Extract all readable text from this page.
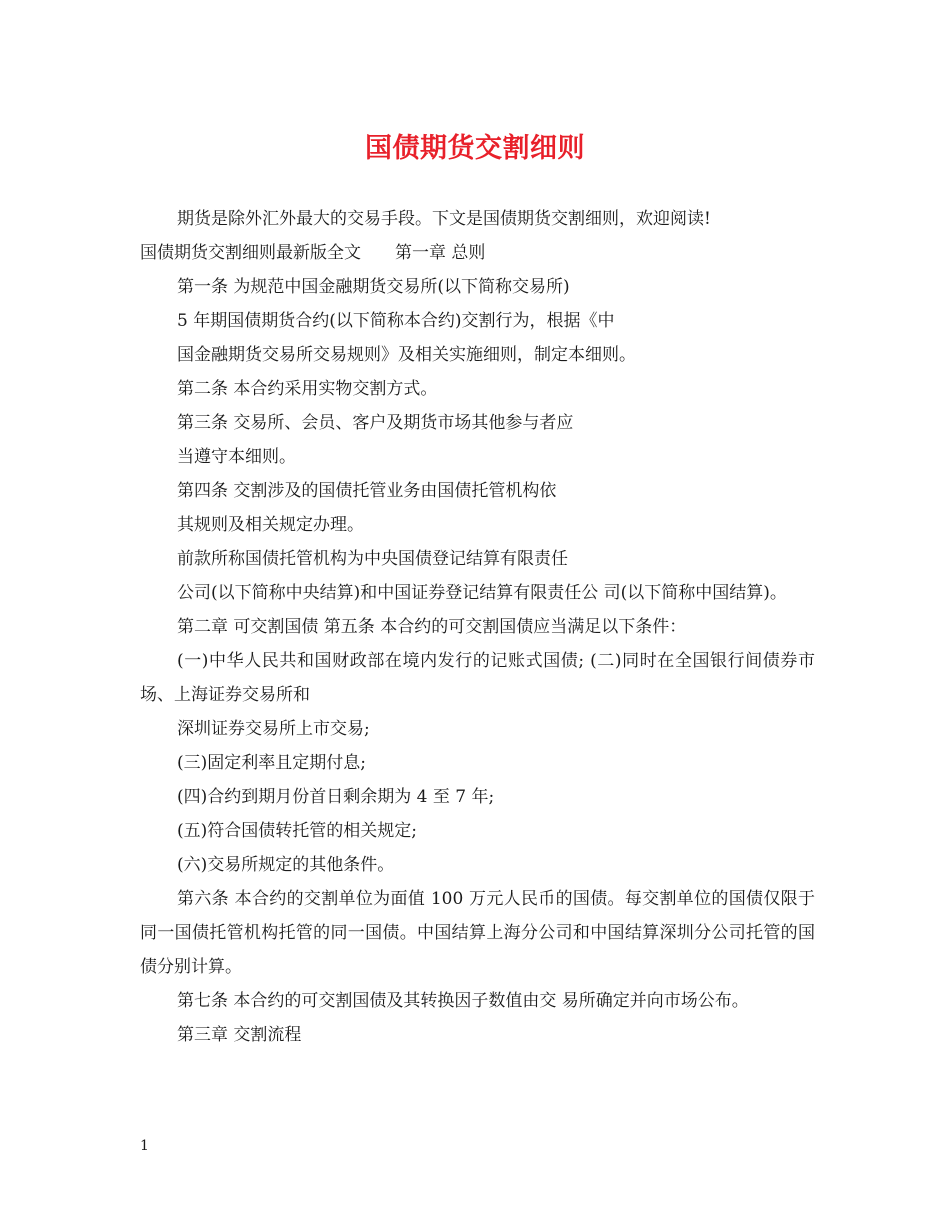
国债期货交割细则

期货是除外汇外最大的交易手段。下文是国债期货交割细则，欢迎阅读!

国债期货交割细则最新版全文　　第一章 总则

第一条 为规范中国金融期货交易所(以下简称交易所)

5 年期国债期货合约(以下简称本合约)交割行为，根据《中

国金融期货交易所交易规则》及相关实施细则，制定本细则。

第二条 本合约采用实物交割方式。

第三条 交易所、会员、客户及期货市场其他参与者应

当遵守本细则。

第四条 交割涉及的国债托管业务由国债托管机构依

其规则及相关规定办理。

前款所称国债托管机构为中央国债登记结算有限责任

公司(以下简称中央结算)和中国证券登记结算有限责任公 司(以下简称中国结算)。

第二章 可交割国债 第五条 本合约的可交割国债应当满足以下条件：

(一)中华人民共和国财政部在境内发行的记账式国债; (二)同时在全国银行间债券市场、上海证券交易所和

深圳证券交易所上市交易;

(三)固定利率且定期付息;

(四)合约到期月份首日剩余期为 4 至 7 年;

(五)符合国债转托管的相关规定;

(六)交易所规定的其他条件。

第六条 本合约的交割单位为面值 100 万元人民币的国债。每交割单位的国债仅限于同一国债托管机构托管的同一国债。中国结算上海分公司和中国结算深圳分公司托管的国 债分别计算。

第七条 本合约的可交割国债及其转换因子数值由交 易所确定并向市场公布。

第三章 交割流程

1
